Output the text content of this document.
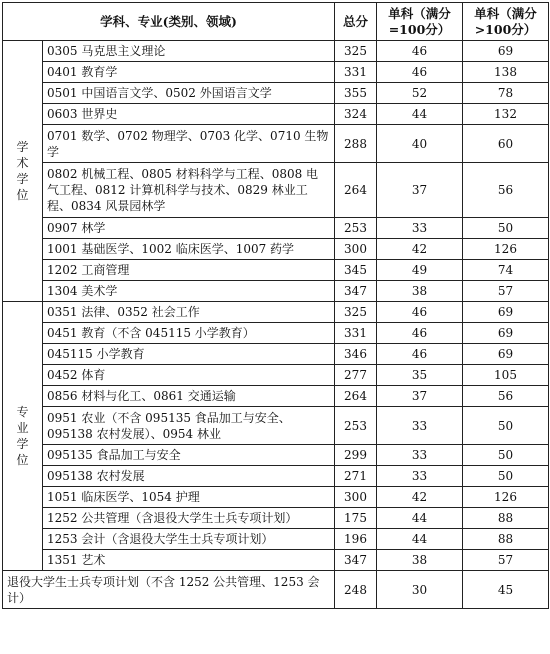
学科、专业(类别、领域)		总分	单科（满分=100分）	单科（满分>100分）
学术学位	0305 马克思主义理论	325	46	69
	0401 教育学	331	46	138
	0501 中国语言文学、0502 外国语言文学	355	52	78
	0603 世界史	324	44	132
	0701 数学、0702 物理学、0703 化学、0710 生物学	288	40	60
	0802 机械工程、0805 材料科学与工程、0808 电气工程、0812 计算机科学与技术、0829 林业工程、0834 风景园林学	264	37	56
	0907 林学	253	33	50
	1001 基础医学、1002 临床医学、1007 药学	300	42	126
	1202 工商管理	345	49	74
	1304 美术学	347	38	57
专业学位	0351 法律、0352 社会工作	325	46	69
	0451 教育（不含 045115 小学教育）	331	46	69
	045115 小学教育	346	46	69
	0452 体育	277	35	105
	0856 材料与化工、0861 交通运输	264	37	56
	0951 农业（不含 095135 食品加工与安全、095138 农村发展）、0954 林业	253	33	50
	095135 食品加工与安全	299	33	50
	095138 农村发展	271	33	50
	1051 临床医学、1054 护理	300	42	126
	1252 公共管理（含退役大学生士兵专项计划）	175	44	88
	1253 会计（含退役大学生士兵专项计划）	196	44	88
	1351 艺术	347	38	57
退役大学生士兵专项计划（不含 1252 公共管理、1253 会计）		248	30	45
